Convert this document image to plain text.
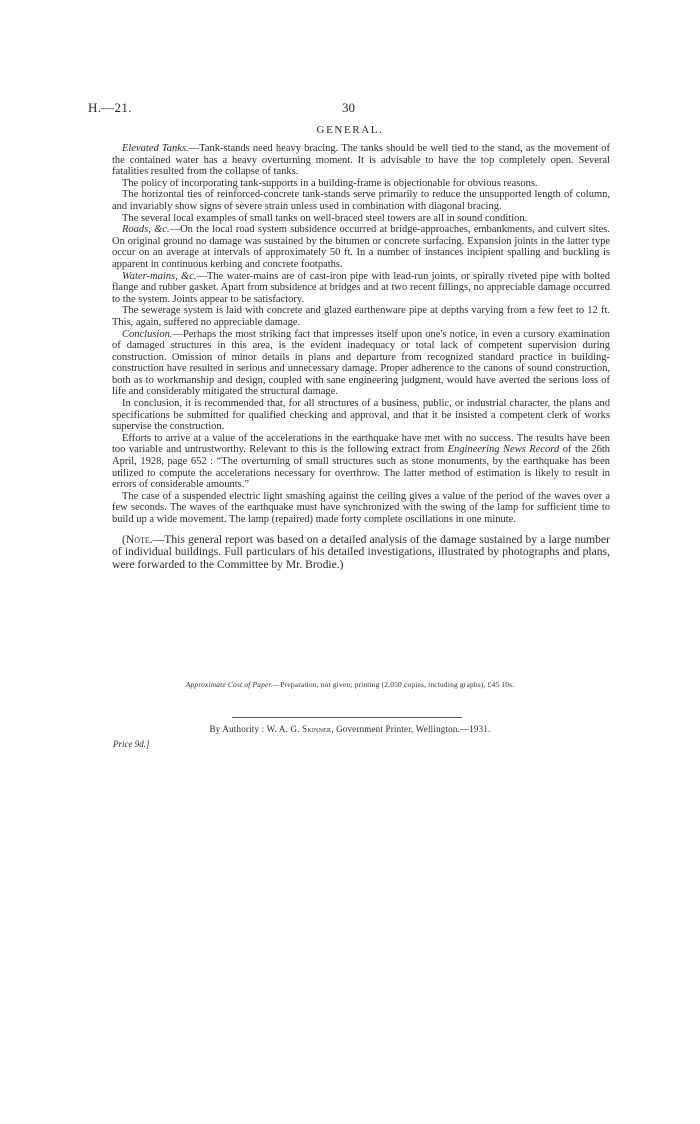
H.—21.	30
GENERAL.

Elevated Tanks.—Tank-stands need heavy bracing. The tanks should be well tied to the stand, as the movement of the contained water has a heavy overturning moment. It is advisable to have the top completely open. Several fatalities resulted from the collapse of tanks.

The policy of incorporating tank-supports in a building-frame is objectionable for obvious reasons.

The horizontal ties of reinforced-concrete tank-stands serve primarily to reduce the unsupported length of column, and invariably show signs of severe strain unless used in combination with diagonal bracing.

The several local examples of small tanks on well-braced steel towers are all in sound condition.

Roads, &c.—On the local road system subsidence occurred at bridge-approaches, embankments, and culvert sites. On original ground no damage was sustained by the bitumen or concrete surfacing. Expansion joints in the latter type occur on an average at intervals of approximately 50 ft. In a number of instances incipient spalling and buckling is apparent in continuous kerbing and concrete footpaths.

Water-mains, &c.—The water-mains are of cast-iron pipe with lead-run joints, or spirally riveted pipe with bolted flange and rubber gasket. Apart from subsidence at bridges and at two recent fillings, no appreciable damage occurred to the system. Joints appear to be satisfactory.

The sewerage system is laid with concrete and glazed earthenware pipe at depths varying from a few feet to 12 ft. This, again, suffered no appreciable damage.

Conclusion.—Perhaps the most striking fact that impresses itself upon one's notice, in even a cursory examination of damaged structures in this area, is the evident inadequacy or total lack of competent supervision during construction. Omission of minor details in plans and departure from recognized standard practice in building-construction have resulted in serious and unnecessary damage. Proper adherence to the canons of sound construction, both as to workmanship and design, coupled with sane engineering judgment, would have averted the serious loss of life and considerably mitigated the structural damage.

In conclusion, it is recommended that, for all structures of a business, public, or industrial character, the plans and specifications be submitted for qualified checking and approval, and that it be insisted a competent clerk of works supervise the construction.

Efforts to arrive at a value of the accelerations in the earthquake have met with no success. The results have been too variable and untrustworthy. Relevant to this is the following extract from Engineering News Record of the 26th April, 1928, page 652 : “The overturning of small structures such as stone monuments, by the earthquake has been utilized to compute the accelerations necessary for overthrow. The latter method of estimation is likely to result in errors of considerable amounts.”

The case of a suspended electric light smashing against the ceiling gives a value of the period of the waves over a few seconds. The waves of the earthquake must have synchronized with the swing of the lamp for sufficient time to build up a wide movement. The lamp (repaired) made forty complete oscillations in one minute.

(Note.—This general report was based on a detailed analysis of the damage sustained by a large number of individual buildings. Full particulars of his detailed investigations, illustrated by photographs and plans, were forwarded to the Committee by Mr. Brodie.)

Approximate Cost of Paper.—Preparation, not given; printing (2,050 copies, including graphs), £45 10s.
By Authority : W. A. G. Skinner, Government Printer, Wellington.—1931.
Price 9d.]
